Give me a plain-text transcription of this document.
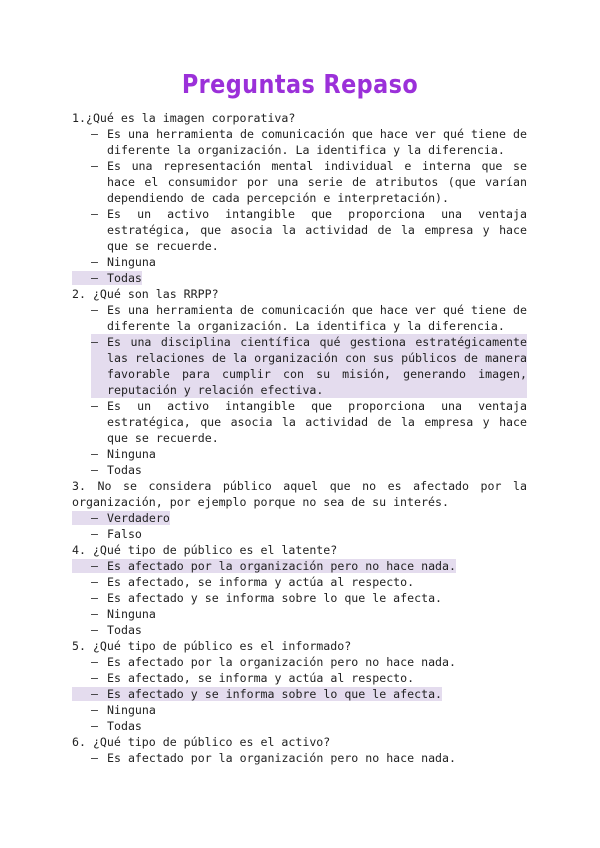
Preguntas Repaso

1.¿Qué es la imagen corporativa?

– Es una herramienta de comunicación que hace ver qué tiene de diferente la organización. La identifica y la diferencia.
– Es una representación mental individual e interna que se hace el consumidor por una serie de atributos (que varían dependiendo de cada percepción e interpretación).
– Es un activo intangible que proporciona una ventaja estratégica, que asocia la actividad de la empresa y hace que se recuerde.
– Ninguna
– Todas

2. ¿Qué son las RRPP?

– Es una herramienta de comunicación que hace ver qué tiene de diferente la organización. La identifica y la diferencia.
– Es una disciplina científica qué gestiona estratégicamente las relaciones de la organización con sus públicos de manera favorable para cumplir con su misión, generando imagen, reputación y relación efectiva.
– Es un activo intangible que proporciona una ventaja estratégica, que asocia la actividad de la empresa y hace que se recuerde.
– Ninguna
– Todas

3. No se considera público aquel que no es afectado por la organización, por ejemplo porque no sea de su interés.

– Verdadero
– Falso

4. ¿Qué tipo de público es el latente?

– Es afectado por la organización pero no hace nada.
– Es afectado, se informa y actúa al respecto.
– Es afectado y se informa sobre lo que le afecta.
– Ninguna
– Todas

5. ¿Qué tipo de público es el informado?

– Es afectado por la organización pero no hace nada.
– Es afectado, se informa y actúa al respecto.
– Es afectado y se informa sobre lo que le afecta.
– Ninguna
– Todas

6. ¿Qué tipo de público es el activo?

– Es afectado por la organización pero no hace nada.
